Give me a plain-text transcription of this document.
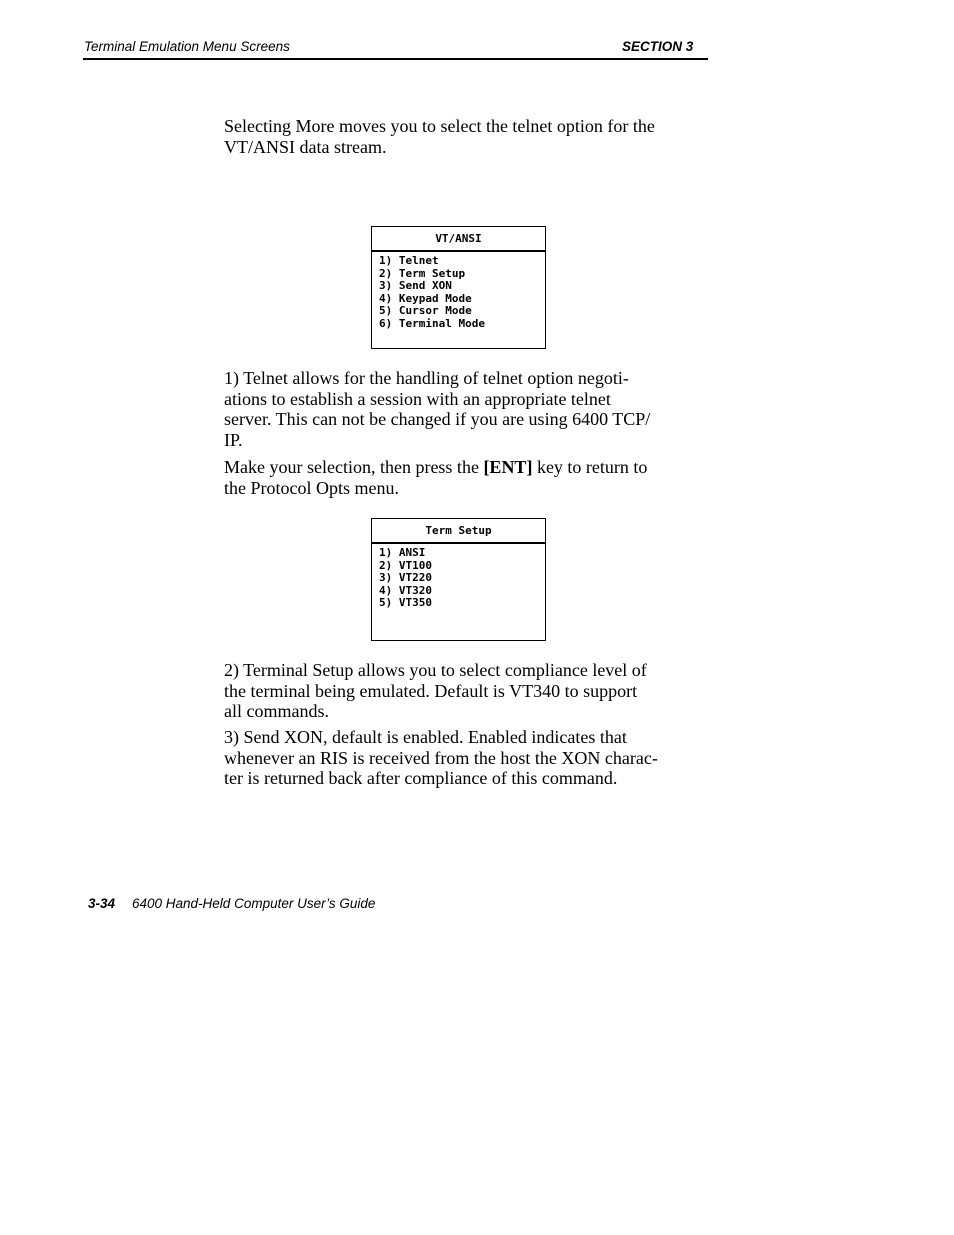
Terminal Emulation Menu Screens	SECTION 3
Selecting More moves you to select the telnet option for the
VT/ANSI data stream.
VT/ANSI
1) Telnet
2) Term Setup
3) Send XON
4) Keypad Mode
5) Cursor Mode
6) Terminal Mode
1) Telnet allows for the handling of telnet option negoti-
ations to establish a session with an appropriate telnet
server. This can not be changed if you are using 6400 TCP/
IP.
Make your selection, then press the [ENT] key to return to
the Protocol Opts menu.
Term Setup
1) ANSI
2) VT100
3) VT220
4) VT320
5) VT350
2) Terminal Setup allows you to select compliance level of
the terminal being emulated. Default is VT340 to support
all commands.
3) Send XON, default is enabled. Enabled indicates that
whenever an RIS is received from the host the XON charac-
ter is returned back after compliance of this command.
3-34 6400 Hand-Held Computer User’s Guide
